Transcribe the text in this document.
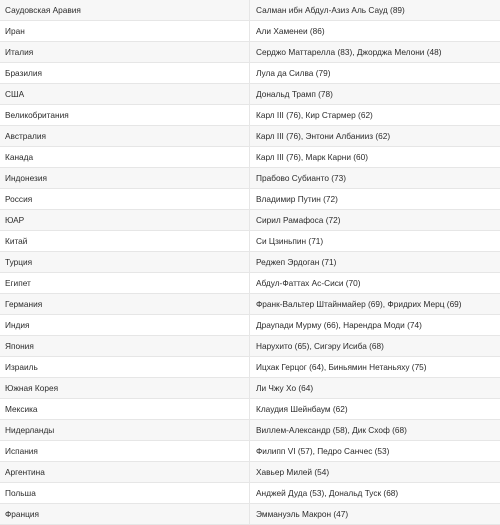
Саудовская Аравия	Салман ибн Абдул-Азиз Аль Сауд (89)
Иран	Али Хаменеи (86)
Италия	Серджо Маттарелла (83), Джорджа Мелони (48)
Бразилия	Лула да Силва (79)
США	Дональд Трамп (78)
Великобритания	Карл III (76), Кир Стармер (62)
Австралия	Карл III (76), Энтони Албанииз (62)
Канада	Карл III (76), Марк Карни (60)
Индонезия	Прабово Субианто (73)
Россия	Владимир Путин (72)
ЮАР	Сирил Рамафоса (72)
Китай	Си Цзиньпин (71)
Турция	Реджеп Эрдоган (71)
Египет	Абдул-Фаттах Ас-Сиси (70)
Германия	Франк-Вальтер Штайнмайер (69), Фридрих Мерц (69)
Индия	Драупади Мурму (66), Нарендра Моди (74)
Япония	Нарухито (65), Сигэру Исиба (68)
Израиль	Ицхак Герцог (64), Биньямин Нетаньяху (75)
Южная Корея	Ли Чжу Хо (64)
Мексика	Клаудия Шейнбаум (62)
Нидерланды	Виллем-Александр (58), Дик Схоф (68)
Испания	Филипп VI (57), Педро Санчес (53)
Аргентина	Хавьер Милей (54)
Польша	Анджей Дуда (53), Дональд Туск (68)
Франция	Эммануэль Макрон (47)
